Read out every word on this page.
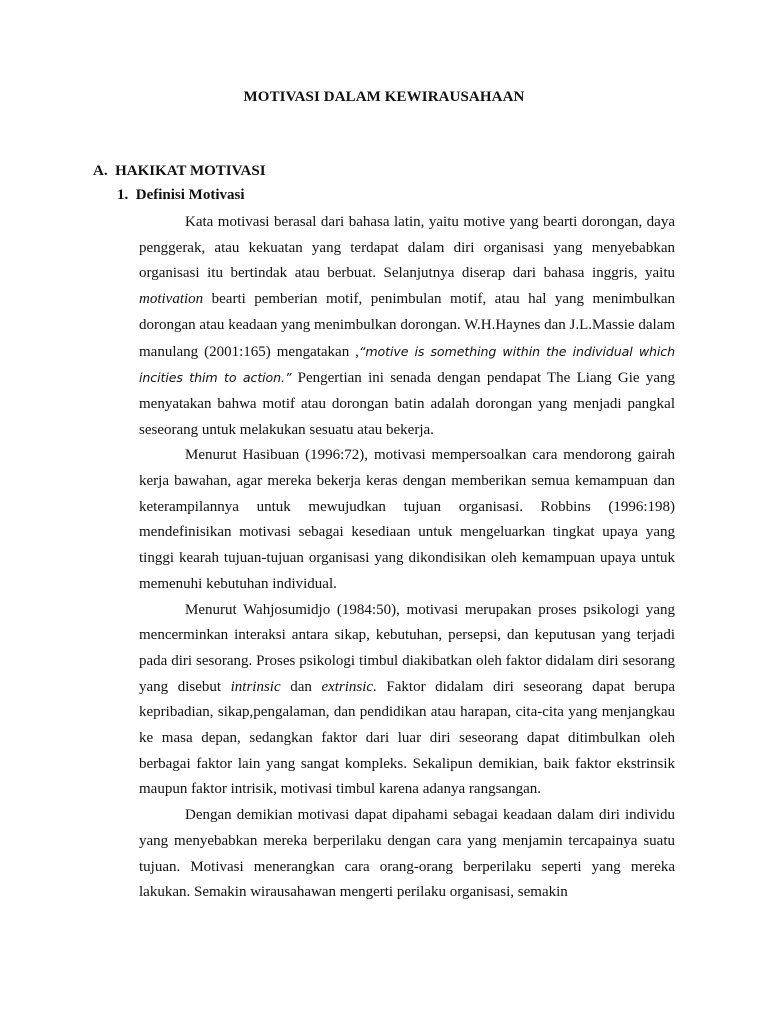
MOTIVASI DALAM KEWIRAUSAHAAN
A. HAKIKAT MOTIVASI
1. Definisi Motivasi

Kata motivasi berasal dari bahasa latin, yaitu motive yang bearti dorongan, daya penggerak, atau kekuatan yang terdapat dalam diri organisasi yang menyebabkan organisasi itu bertindak atau berbuat. Selanjutnya diserap dari bahasa inggris, yaitu motivation bearti pemberian motif, penimbulan motif, atau hal yang menimbulkan dorongan atau keadaan yang menimbulkan dorongan. W.H.Haynes dan J.L.Massie dalam manulang (2001:165) mengatakan ,“motive is something within the individual which incities thim to action.” Pengertian ini senada dengan pendapat The Liang Gie yang menyatakan bahwa motif atau dorongan batin adalah dorongan yang menjadi pangkal seseorang untuk melakukan sesuatu atau bekerja.

Menurut Hasibuan (1996:72), motivasi mempersoalkan cara mendorong gairah kerja bawahan, agar mereka bekerja keras dengan memberikan semua kemampuan dan keterampilannya untuk mewujudkan tujuan organisasi. Robbins (1996:198) mendefinisikan motivasi sebagai kesediaan untuk mengeluarkan tingkat upaya yang tinggi kearah tujuan-tujuan organisasi yang dikondisikan oleh kemampuan upaya untuk memenuhi kebutuhan individual.

Menurut Wahjosumidjo (1984:50), motivasi merupakan proses psikologi yang mencerminkan interaksi antara sikap, kebutuhan, persepsi, dan keputusan yang terjadi pada diri sesorang. Proses psikologi timbul diakibatkan oleh faktor didalam diri sesorang yang disebut intrinsic dan extrinsic. Faktor didalam diri seseorang dapat berupa kepribadian, sikap,pengalaman, dan pendidikan atau harapan, cita-cita yang menjangkau ke masa depan, sedangkan faktor dari luar diri seseorang dapat ditimbulkan oleh berbagai faktor lain yang sangat kompleks. Sekalipun demikian, baik faktor ekstrinsik maupun faktor intrisik, motivasi timbul karena adanya rangsangan.

Dengan demikian motivasi dapat dipahami sebagai keadaan dalam diri individu yang menyebabkan mereka berperilaku dengan cara yang menjamin tercapainya suatu tujuan. Motivasi menerangkan cara orang-orang berperilaku seperti yang mereka lakukan. Semakin wirausahawan mengerti perilaku organisasi, semakin
